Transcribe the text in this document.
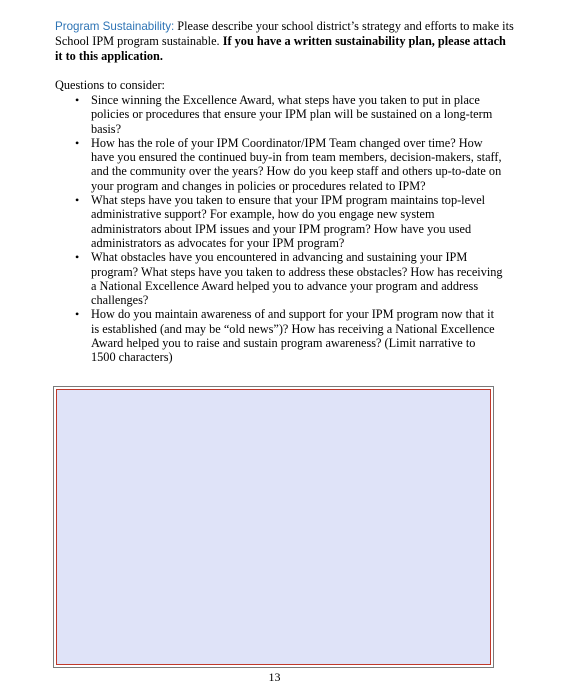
Program Sustainability: Please describe your school district’s strategy and efforts to make its School IPM program sustainable. If you have a written sustainability plan, please attach it to this application.

Questions to consider:

• Since winning the Excellence Award, what steps have you taken to put in place policies or procedures that ensure your IPM plan will be sustained on a long-term basis?
• How has the role of your IPM Coordinator/IPM Team changed over time? How have you ensured the continued buy-in from team members, decision-makers, staff, and the community over the years? How do you keep staff and others up-to-date on your program and changes in policies or procedures related to IPM?
• What steps have you taken to ensure that your IPM program maintains top-level administrative support? For example, how do you engage new system administrators about IPM issues and your IPM program? How have you used administrators as advocates for your IPM program?
• What obstacles have you encountered in advancing and sustaining your IPM program? What steps have you taken to address these obstacles? How has receiving a National Excellence Award helped you to advance your program and address challenges?
• How do you maintain awareness of and support for your IPM program now that it is established (and may be “old news”)? How has receiving a National Excellence Award helped you to raise and sustain program awareness? (Limit narrative to 1500 characters)
13
